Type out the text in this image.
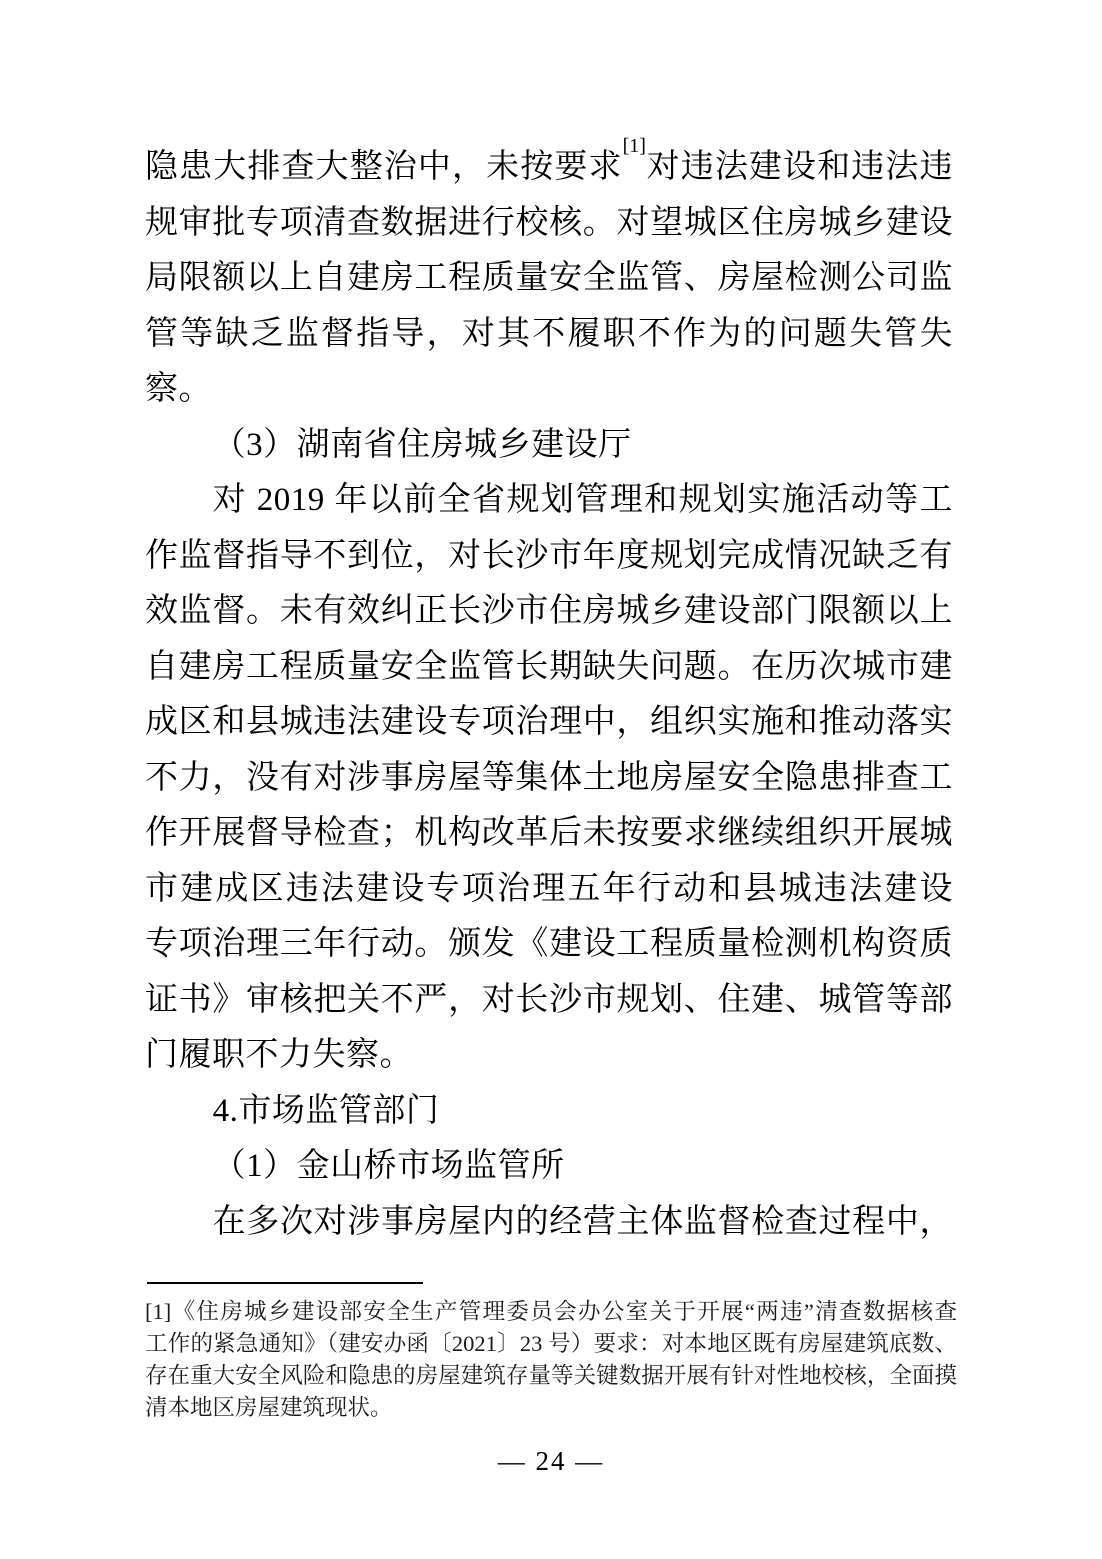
隐患大排查大整治中，未按要求[1]对违法建设和违法违

规审批专项清查数据进行校核。对望城区住房城乡建设

局限额以上自建房工程质量安全监管、房屋检测公司监

管等缺乏监督指导，对其不履职不作为的问题失管失

察。

（3）湖南省住房城乡建设厅

对 2019 年以前全省规划管理和规划实施活动等工

作监督指导不到位，对长沙市年度规划完成情况缺乏有

效监督。未有效纠正长沙市住房城乡建设部门限额以上

自建房工程质量安全监管长期缺失问题。在历次城市建

成区和县城违法建设专项治理中，组织实施和推动落实

不力，没有对涉事房屋等集体土地房屋安全隐患排查工

作开展督导检查；机构改革后未按要求继续组织开展城

市建成区违法建设专项治理五年行动和县城违法建设

专项治理三年行动。颁发《建设工程质量检测机构资质

证书》审核把关不严，对长沙市规划、住建、城管等部

门履职不力失察。

4.市场监管部门

（1）金山桥市场监管所

在多次对涉事房屋内的经营主体监督检查过程中，

[1]《住房城乡建设部安全生产管理委员会办公室关于开展“两违”清查数据核查

工作的紧急通知》（建安办函〔2021〕23 号）要求：对本地区既有房屋建筑底数、

存在重大安全风险和隐患的房屋建筑存量等关键数据开展有针对性地校核，全面摸

清本地区房屋建筑现状。

— 24 —
